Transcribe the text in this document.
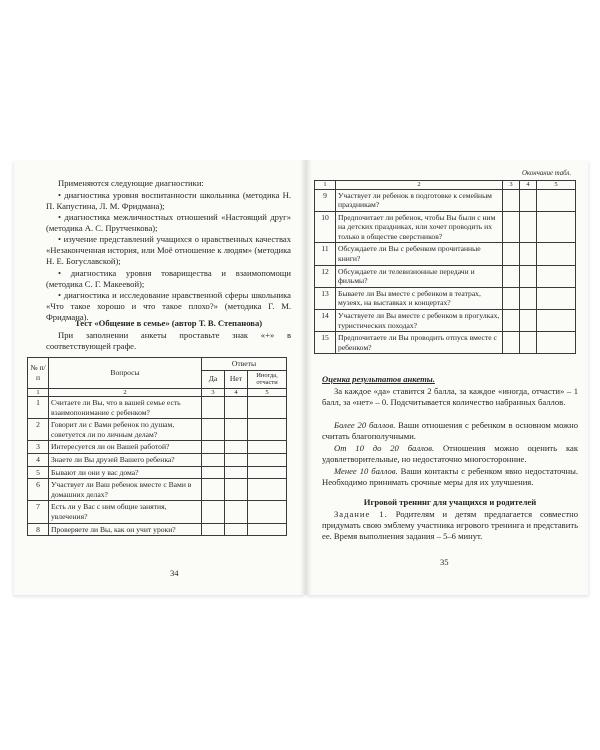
Применяются следующие диагностики:

• диагностика уровня воспитанности школьника (методика Н. П. Капустина, Л. М. Фридмана);

• диагностика межличностных отношений «Настоящий друг» (методика А. С. Прутченкова);

• изучение представлений учащихся о нравственных качествах «Незаконченная история, или Моё отношение к людям» (методика Н. Е. Богуславской);

• диагностика уровня товарищества и взаимопомощи (методика С. Г. Макеевой);

• диагностика и исследование нравственной сферы школьника «Что такое хорошо и что такое плохо?» (методика Г. М. Фридмана).

Тест «Общение в семье» (автор Т. В. Степанова)

При заполнении анкеты проставьте знак «+» в соответствующей графе.

№ п/п	Вопросы	Ответы		
		Да	Нет	Иногда, отчасти
1	2	3	4	5
1	Считаете ли Вы, что в вашей семье есть взаимопонимание с ребенком?			
2	Говорит ли с Вами ребенок по душам, советуется ли по личным делам?			
3	Интересуется ли он Вашей работой?			
4	Знаете ли Вы друзей Вашего ребенка?			
5	Бывают ли они у вас дома?			
6	Участвует ли Ваш ребенок вместе с Вами в домашних делах?			
7	Есть ли у Вас с ним общие занятия, увлечения?			
8	Проверяете ли Вы, как он учит уроки?			
34
Окончание табл.
1	2	3	4	5
9	Участвует ли ребенок в подготовке к семейным праздникам?			
10	Предпочитает ли ребенок, чтобы Вы были с ним на детских праздниках, или хочет проводить их только в обществе сверстников?			
11	Обсуждаете ли Вы с ребенком прочитанные книги?			
12	Обсуждаете ли телевизионные передачи и фильмы?			
13	Бываете ли Вы вместе с ребенком в театрах, музеях, на выставках и концертах?			
14	Участвуете ли Вы вместе с ребенком в прогулках, туристических походах?			
15	Предпочитаете ли Вы проводить отпуск вместе с ребенком?			

Оценка результатов анкеты.

За каждое «да» ставится 2 балла, за каждое «иногда, отчасти» – 1 балл, за «нет» – 0. Подсчитывается количество набранных баллов.

Более 20 баллов. Ваши отношения с ребенком в основном можно считать благополучными.

От 10 до 20 баллов. Отношения можно оценить как удовлетворительные, но недостаточно многосторонние.

Менее 10 баллов. Ваши контакты с ребенком явно недостаточны. Необходимо принимать срочные меры для их улучшения.

Игровой тренинг для учащихся и родителей

Задание 1. Родителям и детям предлагается совместно придумать свою эмблему участника игрового тренинга и представить ее. Время выполнения задания – 5–6 минут.

35
